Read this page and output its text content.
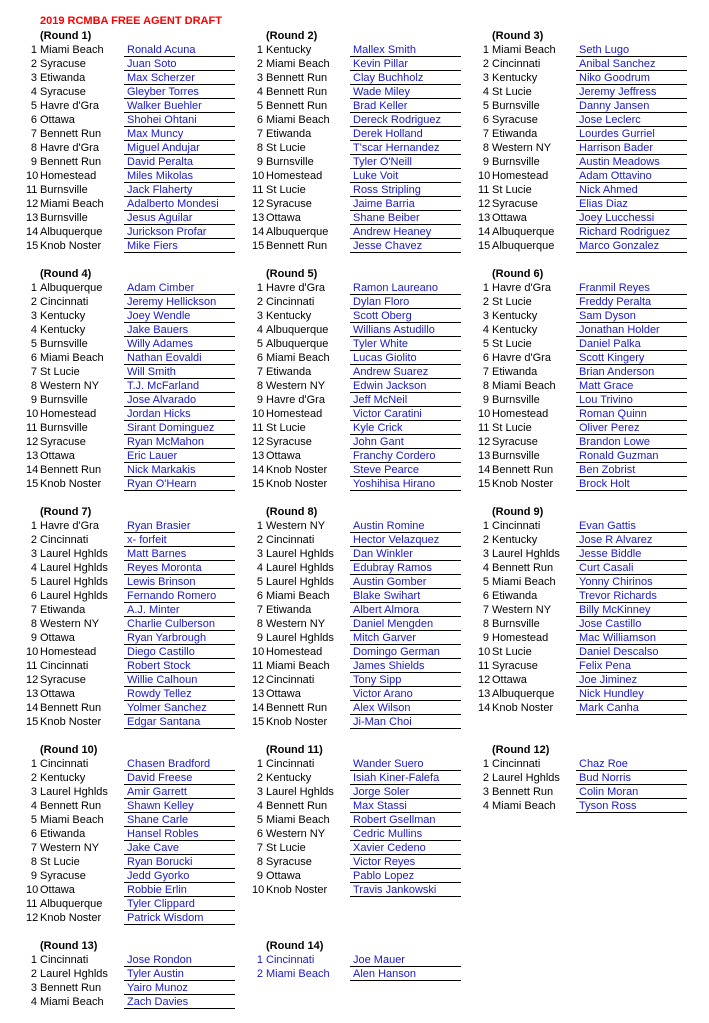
2019 RCMBA FREE AGENT DRAFT
(Round 1)
1 Miami Beach	Ronald Acuna
2 Syracuse	Juan Soto
3 Etiwanda	Max Scherzer
4 Syracuse	Gleyber Torres
5 Havre d'Gra	Walker Buehler
6 Ottawa	Shohei Ohtani
7 Bennett Run	Max Muncy
8 Havre d'Gra	Miguel Andujar
9 Bennett Run	David Peralta
10 Homestead	Miles Mikolas
11 Burnsville	Jack Flaherty
12 Miami Beach	Adalberto Mondesi
13 Burnsville	Jesus Aguilar
14 Albuquerque	Jurickson Profar
15 Knob Noster	Mike Fiers
(Round 2)
1 Kentucky	Mallex Smith
2 Miami Beach	Kevin Pillar
3 Bennett Run	Clay Buchholz
4 Bennett Run	Wade Miley
5 Bennett Run	Brad Keller
6 Miami Beach	Dereck Rodriguez
7 Etiwanda	Derek Holland
8 St Lucie	T'scar Hernandez
9 Burnsville	Tyler O'Neill
10 Homestead	Luke Voit
11 St Lucie	Ross Stripling
12 Syracuse	Jaime Barria
13 Ottawa	Shane Beiber
14 Albuquerque	Andrew Heaney
15 Bennett Run	Jesse Chavez
(Round 3)
1 Miami Beach	Seth Lugo
2 Cincinnati	Anibal Sanchez
3 Kentucky	Niko Goodrum
4 St Lucie	Jeremy Jeffress
5 Burnsville	Danny Jansen
6 Syracuse	Jose Leclerc
7 Etiwanda	Lourdes Gurriel
8 Western NY	Harrison Bader
9 Burnsville	Austin Meadows
10 Homestead	Adam Ottavino
11 St Lucie	Nick Ahmed
12 Syracuse	Elias Diaz
13 Ottawa	Joey Lucchessi
14 Albuquerque	Richard Rodriguez
15 Albuquerque	Marco Gonzalez
(Round 4)
1 Albuquerque	Adam Cimber
2 Cincinnati	Jeremy Hellickson
3 Kentucky	Joey Wendle
4 Kentucky	Jake Bauers
5 Burnsville	Willy Adames
6 Miami Beach	Nathan Eovaldi
7 St Lucie	Will Smith
8 Western NY	T.J. McFarland
9 Burnsville	Jose Alvarado
10 Homestead	Jordan Hicks
11 Burnsville	Sirant Dominguez
12 Syracuse	Ryan McMahon
13 Ottawa	Eric Lauer
14 Bennett Run	Nick Markakis
15 Knob Noster	Ryan O'Hearn
(Round 5)
1 Havre d'Gra	Ramon Laureano
2 Cincinnati	Dylan Floro
3 Kentucky	Scott Oberg
4 Albuquerque	Willians Astudillo
5 Albuquerque	Tyler White
6 Miami Beach	Lucas Giolito
7 Etiwanda	Andrew Suarez
8 Western NY	Edwin Jackson
9 Havre d'Gra	Jeff McNeil
10 Homestead	Victor Caratini
11 St Lucie	Kyle Crick
12 Syracuse	John Gant
13 Ottawa	Franchy Cordero
14 Knob Noster	Steve Pearce
15 Knob Noster	Yoshihisa Hirano
(Round 6)
1 Havre d'Gra	Franmil Reyes
2 St Lucie	Freddy Peralta
3 Kentucky	Sam Dyson
4 Kentucky	Jonathan Holder
5 St Lucie	Daniel Palka
6 Havre d'Gra	Scott Kingery
7 Etiwanda	Brian Anderson
8 Miami Beach	Matt Grace
9 Burnsville	Lou Trivino
10 Homestead	Roman Quinn
11 St Lucie	Oliver Perez
12 Syracuse	Brandon Lowe
13 Burnsville	Ronald Guzman
14 Bennett Run	Ben Zobrist
15 Knob Noster	Brock Holt
(Round 7)
1 Havre d'Gra	Ryan Brasier
2 Cincinnati	x- forfeit
3 Laurel Hghlds	Matt Barnes
4 Laurel Hghlds	Reyes Moronta
5 Laurel Hghlds	Lewis Brinson
6 Laurel Hghlds	Fernando Romero
7 Etiwanda	A.J. Minter
8 Western NY	Charlie Culberson
9 Ottawa	Ryan Yarbrough
10 Homestead	Diego Castillo
11 Cincinnati	Robert Stock
12 Syracuse	Willie Calhoun
13 Ottawa	Rowdy Tellez
14 Bennett Run	Yolmer Sanchez
15 Knob Noster	Edgar Santana
(Round 8)
1 Western NY	Austin Romine
2 Cincinnati	Hector Velazquez
3 Laurel Hghlds	Dan Winkler
4 Laurel Hghlds	Edubray Ramos
5 Laurel Hghlds	Austin Gomber
6 Miami Beach	Blake Swihart
7 Etiwanda	Albert Almora
8 Western NY	Daniel Mengden
9 Laurel Hghlds	Mitch Garver
10 Homestead	Domingo German
11 Miami Beach	James Shields
12 Cincinnati	Tony Sipp
13 Ottawa	Victor Arano
14 Bennett Run	Alex Wilson
15 Knob Noster	Ji-Man Choi
(Round 9)
1 Cincinnati	Evan Gattis
2 Kentucky	Jose R Alvarez
3 Laurel Hghlds	Jesse Biddle
4 Bennett Run	Curt Casali
5 Miami Beach	Yonny Chirinos
6 Etiwanda	Trevor Richards
7 Western NY	Billy McKinney
8 Burnsville	Jose Castillo
9 Homestead	Mac Williamson
10 St Lucie	Daniel Descalso
11 Syracuse	Felix Pena
12 Ottawa	Joe Jiminez
13 Albuquerque	Nick Hundley
14 Knob Noster	Mark Canha
(Round 10)
1 Cincinnati	Chasen Bradford
2 Kentucky	David Freese
3 Laurel Hghlds	Amir Garrett
4 Bennett Run	Shawn Kelley
5 Miami Beach	Shane Carle
6 Etiwanda	Hansel Robles
7 Western NY	Jake Cave
8 St Lucie	Ryan Borucki
9 Syracuse	Jedd Gyorko
10 Ottawa	Robbie Erlin
11 Albuquerque	Tyler Clippard
12 Knob Noster	Patrick Wisdom
(Round 11)
1 Cincinnati	Wander Suero
2 Kentucky	Isiah Kiner-Falefa
3 Laurel Hghlds	Jorge Soler
4 Bennett Run	Max Stassi
5 Miami Beach	Robert Gsellman
6 Western NY	Cedric Mullins
7 St Lucie	Xavier Cedeno
8 Syracuse	Victor Reyes
9 Ottawa	Pablo Lopez
10 Knob Noster	Travis Jankowski
(Round 12)
1 Cincinnati	Chaz Roe
2 Laurel Hghlds	Bud Norris
3 Bennett Run	Colin Moran
4 Miami Beach	Tyson Ross
(Round 13)
1 Cincinnati	Jose Rondon
2 Laurel Hghlds	Tyler Austin
3 Bennett Run	Yairo Munoz
4 Miami Beach	Zach Davies
(Round 14)
1 Cincinnati	Joe Mauer
2 Miami Beach	Alen Hanson
